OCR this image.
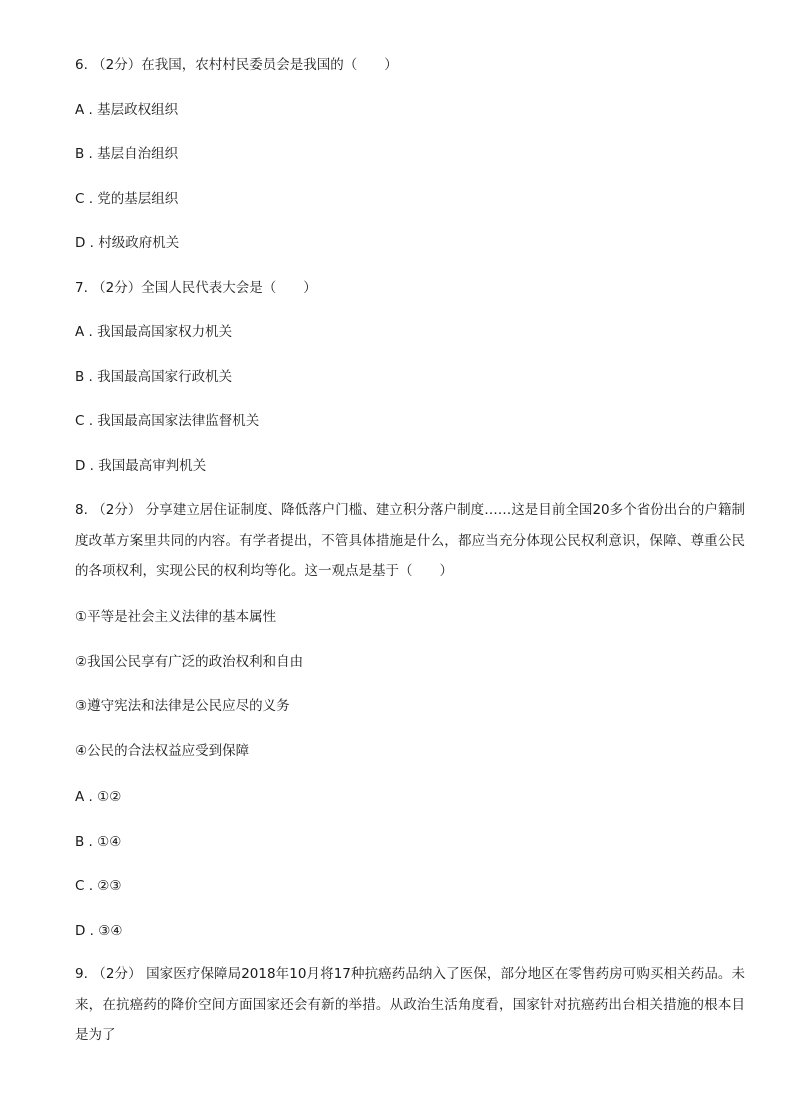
6. （2分）在我国，农村村民委员会是我国的（　　）
A . 基层政权组织
B . 基层自治组织
C . 党的基层组织
D . 村级政府机关
7. （2分）全国人民代表大会是（　　）
A . 我国最高国家权力机关
B . 我国最高国家行政机关
C . 我国最高国家法律监督机关
D . 我国最高审判机关
8. （2分） 分享建立居住证制度、降低落户门槛、建立积分落户制度……这是目前全国20多个省份出台的户籍制度改革方案里共同的内容。有学者提出，不管具体措施是什么，都应当充分体现公民权利意识，保障、尊重公民的各项权利，实现公民的权利均等化。这一观点是基于（　　）
①平等是社会主义法律的基本属性
②我国公民享有广泛的政治权利和自由
③遵守宪法和法律是公民应尽的义务
④公民的合法权益应受到保障
A . ①②
B . ①④
C . ②③
D . ③④
9. （2分） 国家医疗保障局2018年10月将17种抗癌药品纳入了医保，部分地区在零售药房可购买相关药品。未来，在抗癌药的降价空间方面国家还会有新的举措。从政治生活角度看，国家针对抗癌药出台相关措施的根本目是为了
